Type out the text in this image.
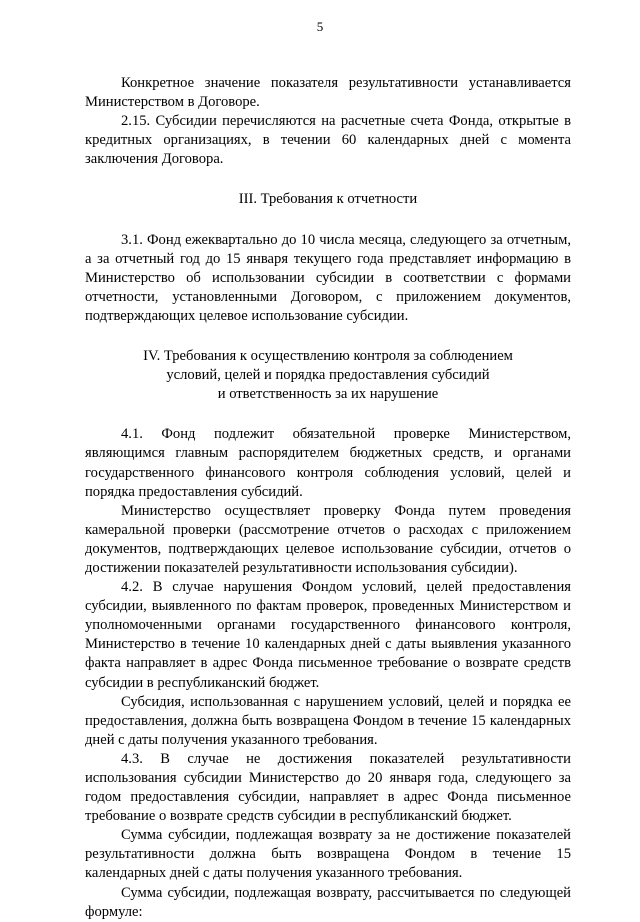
5

Конкретное значение показателя результативности устанавливается Министерством в Договоре.

2.15. Субсидии перечисляются на расчетные счета Фонда, открытые в кредитных организациях, в течении 60 календарных дней с момента заключения Договора.

III. Требования к отчетности

3.1. Фонд ежеквартально до 10 числа месяца, следующего за отчетным, а за отчетный год до 15 января текущего года представляет информацию в Министерство об использовании субсидии в соответствии с формами отчетности, установленными Договором, с приложением документов, подтверждающих целевое использование субсидии.

IV. Требования к осуществлению контроля за соблюдением

условий, целей и порядка предоставления субсидий

и ответственность за их нарушение

4.1. Фонд подлежит обязательной проверке Министерством, являющимся главным распорядителем бюджетных средств, и органами государственного финансового контроля соблюдения условий, целей и порядка предоставления субсидий.

Министерство осуществляет проверку Фонда путем проведения камеральной проверки (рассмотрение отчетов о расходах с приложением документов, подтверждающих целевое использование субсидии, отчетов о достижении показателей результативности использования субсидии).

4.2. В случае нарушения Фондом условий, целей предоставления субсидии, выявленного по фактам проверок, проведенных Министерством и уполномоченными органами государственного финансового контроля, Министерство в течение 10 календарных дней с даты выявления указанного факта направляет в адрес Фонда письменное требование о возврате средств субсидии в республиканский бюджет.

Субсидия, использованная с нарушением условий, целей и порядка ее предоставления, должна быть возвращена Фондом в течение 15 календарных дней с даты получения указанного требования.

4.3. В случае не достижения показателей результативности использования субсидии Министерство до 20 января года, следующего за годом предоставления субсидии, направляет в адрес Фонда письменное требование о возврате средств субсидии в республиканский бюджет.

Сумма субсидии, подлежащая возврату за не достижение показателей результативности должна быть возвращена Фондом в течение 15 календарных дней с даты получения указанного требования.

Сумма субсидии, подлежащая возврату, рассчитывается по следующей формуле:
